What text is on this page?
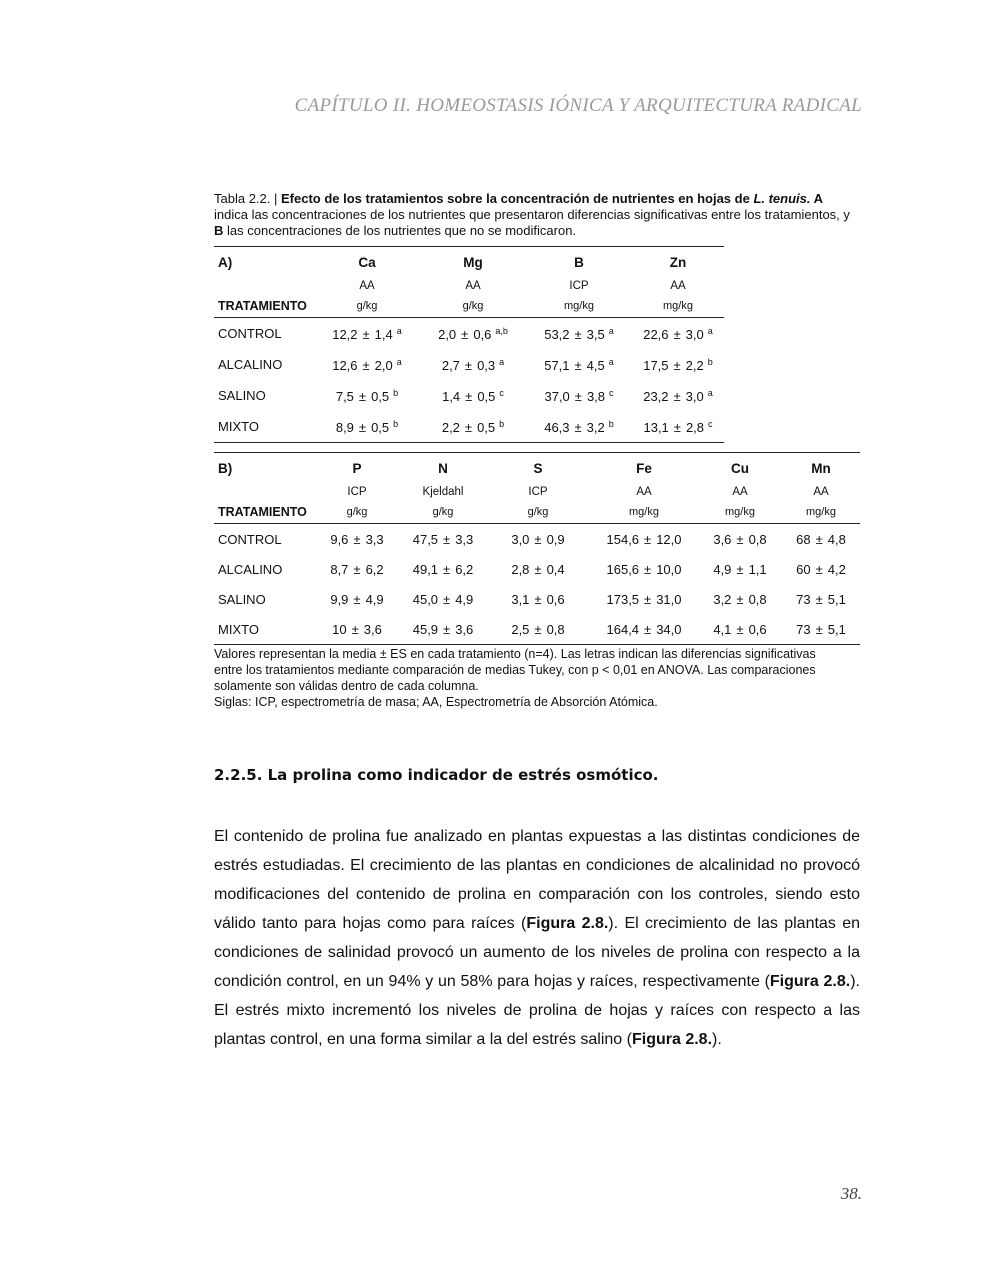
CAPÍTULO II. HOMEOSTASIS IÓNICA Y ARQUITECTURA RADICAL
Tabla 2.2. | Efecto de los tratamientos sobre la concentración de nutrientes en hojas de L. tenuis. A indica las concentraciones de los nutrientes que presentaron diferencias significativas entre los tratamientos, y B las concentraciones de los nutrientes que no se modificaron.
A)	Ca	Mg	B	Zn
	AA	AA	ICP	AA
TRATAMIENTO	g/kg	g/kg	mg/kg	mg/kg
CONTROL	12,2 ± 1,4 $^a$	2,0 ± 0,6 $^{a,b}$	53,2 ± 3,5 $^a$	22,6 ± 3,0 $^a$
ALCALINO	12,6 ± 2,0 $^a$	2,7 ± 0,3 $^a$	57,1 ± 4,5 $^a$	17,5 ± 2,2 $^b$
SALINO	7,5 ± 0,5 $^b$	1,4 ± 0,5 $^c$	37,0 ± 3,8 $^c$	23,2 ± 3,0 $^a$
MIXTO	8,9 ± 0,5 $^b$	2,2 ± 0,5 $^b$	46,3 ± 3,2 $^b$	13,1 ± 2,8 $^c$
B)	P	N	S	Fe	Cu	Mn
	ICP	Kjeldahl	ICP	AA	AA	AA
TRATAMIENTO	g/kg	g/kg	g/kg	mg/kg	mg/kg	mg/kg
CONTROL	9,6 ± 3,3	47,5 ± 3,3	3,0 ± 0,9	154,6 ± 12,0	3,6 ± 0,8	68 ± 4,8
ALCALINO	8,7 ± 6,2	49,1 ± 6,2	2,8 ± 0,4	165,6 ± 10,0	4,9 ± 1,1	60 ± 4,2
SALINO	9,9 ± 4,9	45,0 ± 4,9	3,1 ± 0,6	173,5 ± 31,0	3,2 ± 0,8	73 ± 5,1
MIXTO	10 ± 3,6	45,9 ± 3,6	2,5 ± 0,8	164,4 ± 34,0	4,1 ± 0,6	73 ± 5,1

Valores representan la media ± ES en cada tratamiento (n=4). Las letras indican las diferencias significativas entre los tratamientos mediante comparación de medias Tukey, con p < 0,01 en ANOVA. Las comparaciones solamente son válidas dentro de cada columna.

Siglas: ICP, espectrometría de masa; AA, Espectrometría de Absorción Atómica.

2.2.5. La prolina como indicador de estrés osmótico.
El contenido de prolina fue analizado en plantas expuestas a las distintas condiciones de estrés estudiadas. El crecimiento de las plantas en condiciones de alcalinidad no provocó modificaciones del contenido de prolina en comparación con los controles, siendo esto válido tanto para hojas como para raíces (Figura 2.8.). El crecimiento de las plantas en condiciones de salinidad provocó un aumento de los niveles de prolina con respecto a la condición control, en un 94% y un 58% para hojas y raíces, respectivamente (Figura 2.8.). El estrés mixto incrementó los niveles de prolina de hojas y raíces con respecto a las plantas control, en una forma similar a la del estrés salino (Figura 2.8.).
38.
